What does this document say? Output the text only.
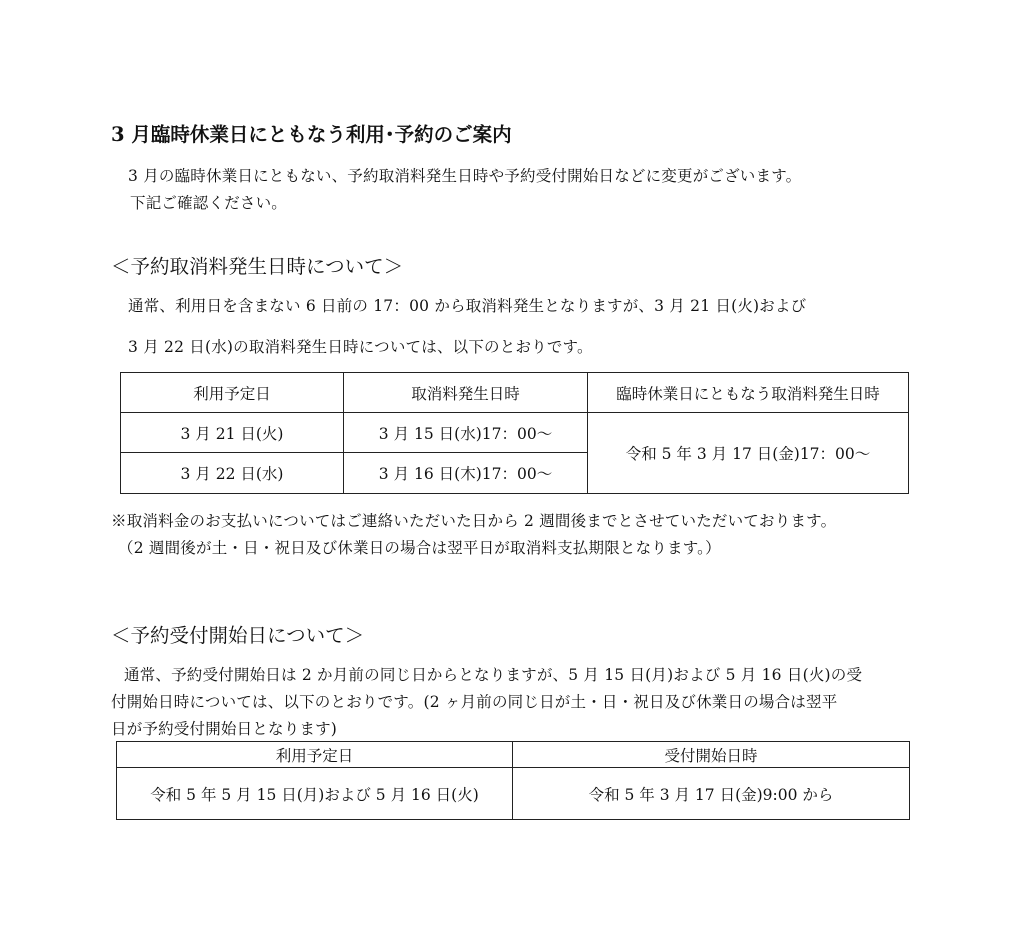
3 月臨時休業日にともなう利用･予約のご案内
3 月の臨時休業日にともない、予約取消料発生日時や予約受付開始日などに変更がございます。
下記ご確認ください。
＜予約取消料発生日時について＞
通常、利用日を含まない 6 日前の 17：00 から取消料発生となりますが、3 月 21 日(火)および
3 月 22 日(水)の取消料発生日時については、以下のとおりです。
利用予定日	取消料発生日時	臨時休業日にともなう取消料発生日時
3 月 21 日(火)	3 月 15 日(水)17：00～	令和 5 年 3 月 17 日(金)17：00～
3 月 22 日(水)	3 月 16 日(木)17：00～	
※取消料金のお支払いについてはご連絡いただいた日から 2 週間後までとさせていただいております。
（2 週間後が土・日・祝日及び休業日の場合は翌平日が取消料支払期限となります。）
＜予約受付開始日について＞
通常、予約受付開始日は 2 か月前の同じ日からとなりますが、5 月 15 日(月)および 5 月 16 日(火)の受
付開始日時については、以下のとおりです。(2 ヶ月前の同じ日が土・日・祝日及び休業日の場合は翌平
日が予約受付開始日となります)
利用予定日	受付開始日時
令和 5 年 5 月 15 日(月)および 5 月 16 日(火)	令和 5 年 3 月 17 日(金)9:00 から
